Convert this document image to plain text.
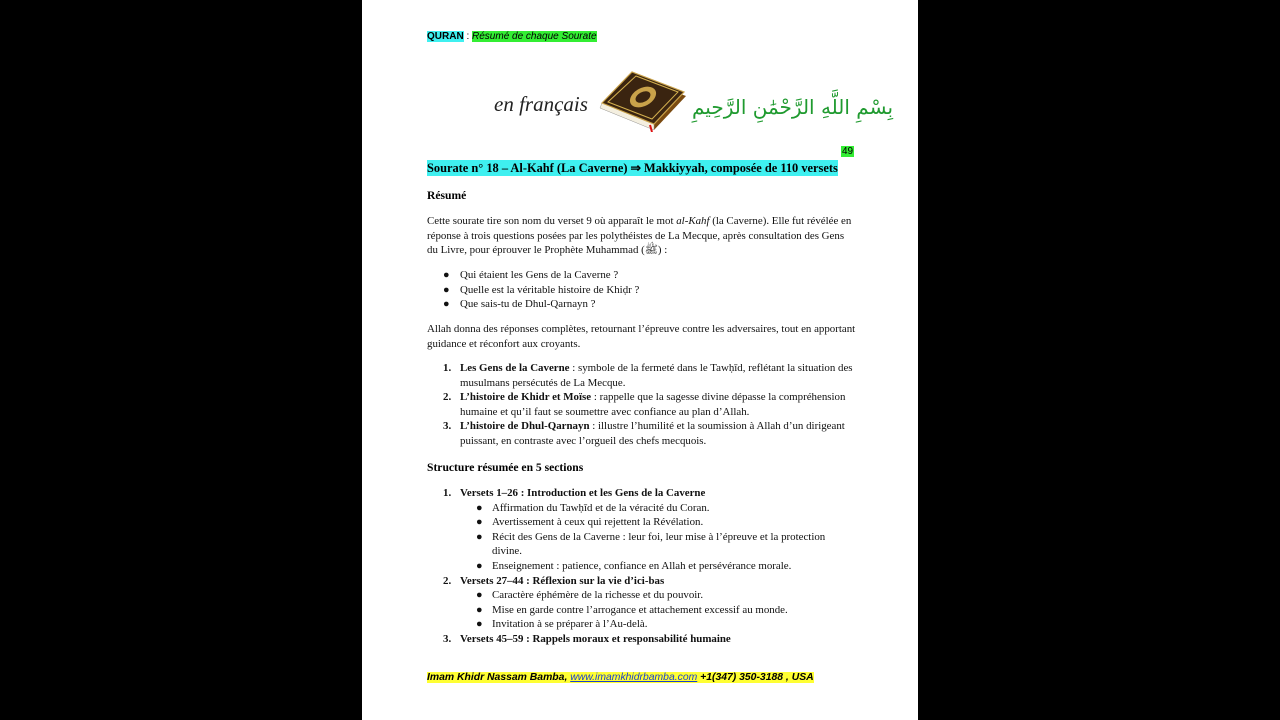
QURAN : Résumé de chaque Sourate
en français	بِسْمِ اللَّهِ الرَّحْمَٰنِ الرَّحِيمِ
49
Sourate n° 18 – Al-Kahf (La Caverne) ⇒ Makkiyyah, composée de 110 versets
Résumé
Cette sourate tire son nom du verset 9 où apparaît le mot al-Kahf (la Caverne). Elle fut révélée en réponse à trois questions posées par les polythéistes de La Mecque, après consultation des Gens du Livre, pour éprouver le Prophète Muhammad (ﷺ) :
● Qui étaient les Gens de la Caverne ?
● Quelle est la véritable histoire de Khiḍr ?
● Que sais-tu de Dhul-Qarnayn ?
Allah donna des réponses complètes, retournant l’épreuve contre les adversaires, tout en apportant guidance et réconfort aux croyants.
1. Les Gens de la Caverne : symbole de la fermeté dans le Tawḥīd, reflétant la situation des musulmans persécutés de La Mecque.
2. L’histoire de Khidr et Moïse : rappelle que la sagesse divine dépasse la compréhension humaine et qu’il faut se soumettre avec confiance au plan d’Allah.
3. L’histoire de Dhul-Qarnayn : illustre l’humilité et la soumission à Allah d’un dirigeant puissant, en contraste avec l’orgueil des chefs mecquois.
Structure résumée en 5 sections
1. Versets 1–26 : Introduction et les Gens de la Caverne
● Affirmation du Tawḥīd et de la véracité du Coran.
● Avertissement à ceux qui rejettent la Révélation.
● Récit des Gens de la Caverne : leur foi, leur mise à l’épreuve et la protection divine.
● Enseignement : patience, confiance en Allah et persévérance morale.
2. Versets 27–44 : Réflexion sur la vie d’ici-bas
● Caractère éphémère de la richesse et du pouvoir.
● Mise en garde contre l’arrogance et attachement excessif au monde.
● Invitation à se préparer à l’Au-delà.
3. Versets 45–59 : Rappels moraux et responsabilité humaine
Imam Khidr Nassam Bamba, www.imamkhidrbamba.com +1(347) 350-3188 , USA
